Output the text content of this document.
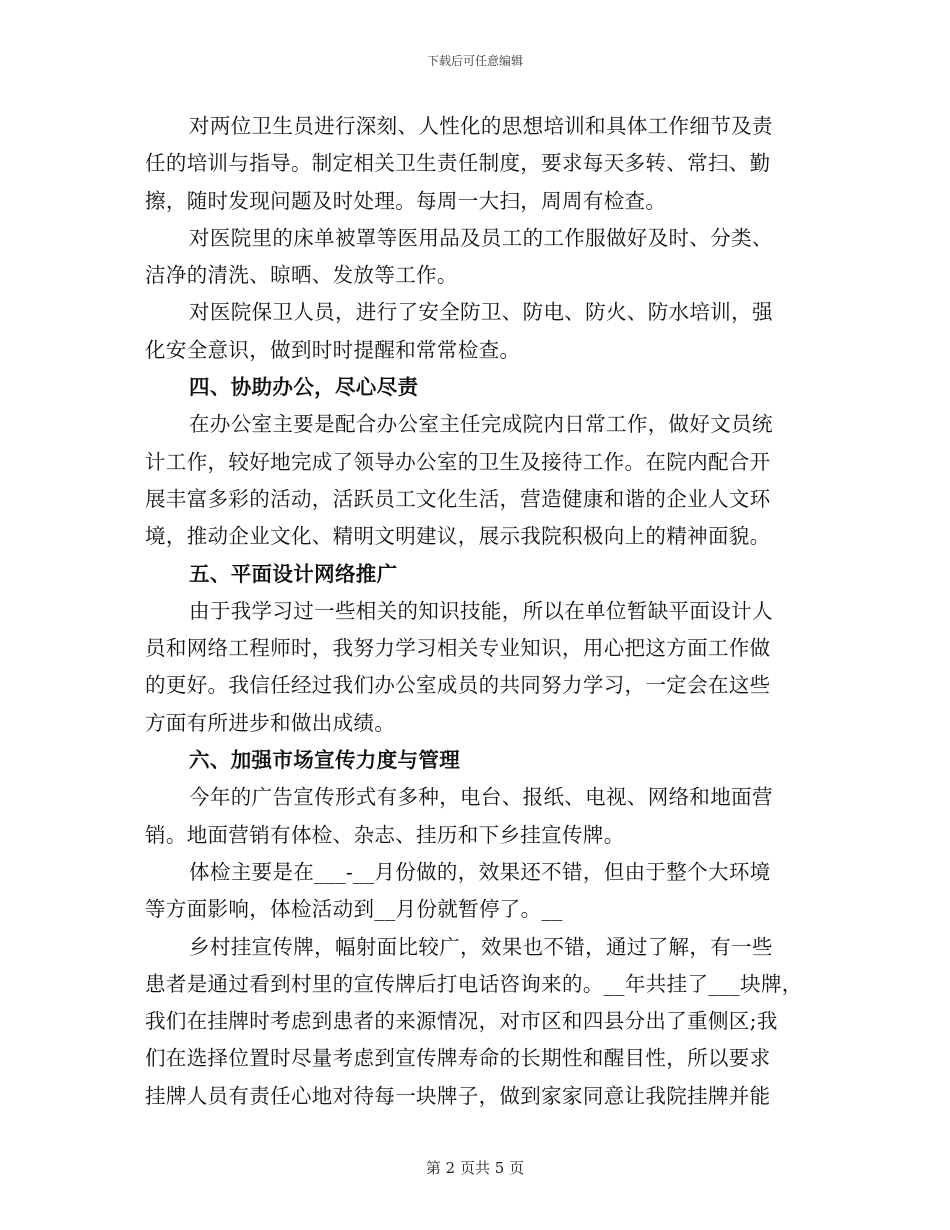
下载后可任意编辑
对两位卫生员进行深刻、人性化的思想培训和具体工作细节及责
任的培训与指导。制定相关卫生责任制度，要求每天多转、常扫、勤
擦，随时发现问题及时处理。每周一大扫，周周有检查。
对医院里的床单被罩等医用品及员工的工作服做好及时、分类、
洁净的清洗、晾晒、发放等工作。
对医院保卫人员，进行了安全防卫、防电、防火、防水培训，强
化安全意识，做到时时提醒和常常检查。
四、协助办公，尽心尽责
在办公室主要是配合办公室主任完成院内日常工作，做好文员统
计工作，较好地完成了领导办公室的卫生及接待工作。在院内配合开
展丰富多彩的活动，活跃员工文化生活，营造健康和谐的企业人文环
境，推动企业文化、精明文明建议，展示我院积极向上的精神面貌。
五、平面设计网络推广
由于我学习过一些相关的知识技能，所以在单位暂缺平面设计人
员和网络工程师时，我努力学习相关专业知识，用心把这方面工作做
的更好。我信任经过我们办公室成员的共同努力学习，一定会在这些
方面有所进步和做出成绩。
六、加强市场宣传力度与管理
今年的广告宣传形式有多种，电台、报纸、电视、网络和地面营
销。地面营销有体检、杂志、挂历和下乡挂宣传牌。
体检主要是在___-__月份做的，效果还不错，但由于整个大环境
等方面影响，体检活动到__月份就暂停了。__
乡村挂宣传牌，幅射面比较广，效果也不错，通过了解，有一些
患者是通过看到村里的宣传牌后打电话咨询来的。__年共挂了___块牌，
我们在挂牌时考虑到患者的来源情况，对市区和四县分出了重侧区;我
们在选择位置时尽量考虑到宣传牌寿命的长期性和醒目性，所以要求
挂牌人员有责任心地对待每一块牌子，做到家家同意让我院挂牌并能
第 2 页共 5 页
